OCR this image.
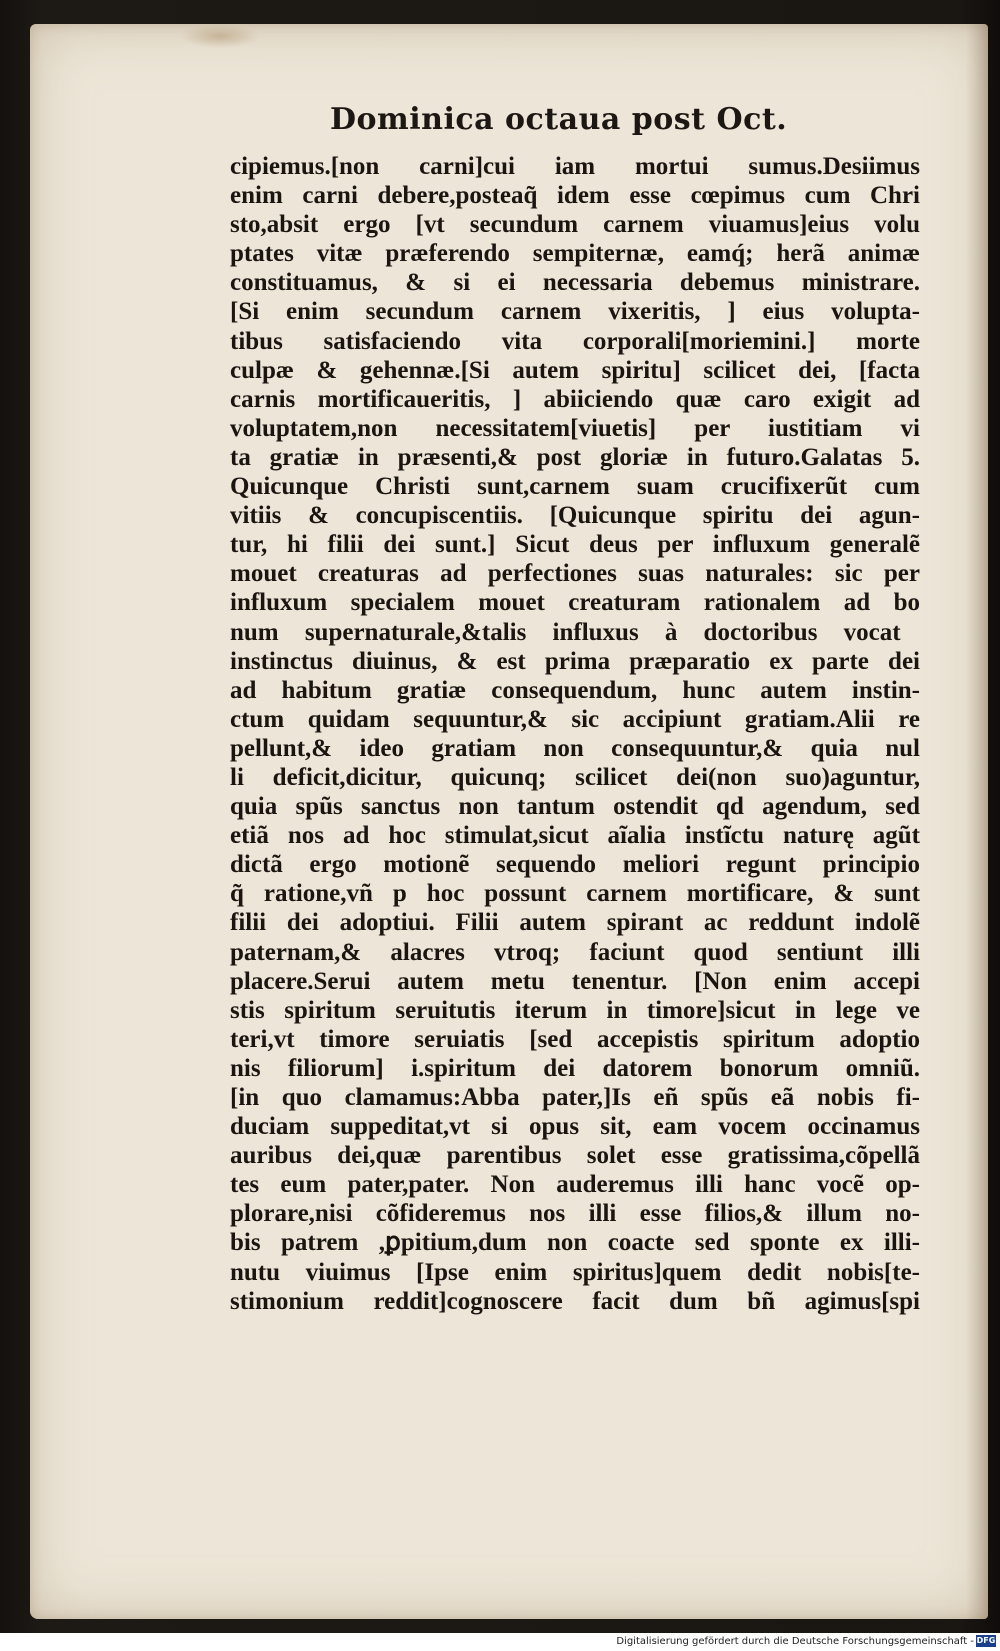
Dominica octaua post Oct.
cipiemus.[non carni]cui iam mortui sumus.Desiimus
enim carni debere,posteaq̃ idem esse cœpimus cum Chri
sto,absit ergo [vt secundum carnem viuamus]eius volu
ptates vitæ præferendo sempiternæ, eamq́; herã animæ
constituamus, & si ei necessaria debemus ministrare.
[Si enim secundum carnem vixeritis, ] eius volupta-
tibus satisfaciendo vita corporali[moriemini.] morte
culpæ & gehennæ.[Si autem spiritu] scilicet dei, [facta
carnis mortificaueritis, ] abiiciendo quæ caro exigit ad
voluptatem,non necessitatem[viuetis] per iustitiam vi
ta gratiæ in præsenti,& post gloriæ in futuro.Galatas 5.
Quicunque Christi sunt,carnem suam crucifixerũt cum
vitiis & concupiscentiis. [Quicunque spiritu dei agun-
tur, hi filii dei sunt.] Sicut deus per influxum generalẽ
mouet creaturas ad perfectiones suas naturales: sic per
influxum specialem mouet creaturam rationalem ad bo
num supernaturale,&talis influxus à doctoribus vocatᷓ
instinctus diuinus, & est prima præparatio ex parte dei
ad habitum gratiæ consequendum, hunc autem instin-
ctum quidam sequuntur,& sic accipiunt gratiam.Alii re
pellunt,& ideo gratiam non consequuntur,& quia nul
li deficit,dicitur, quicunq; scilicet dei(non suo)aguntur,
quia spũs sanctus non tantum ostendit qd agendum, sed
etiã nos ad hoc stimulat,sicut aĩalia instĩctu naturę agũt
dictã ergo motionẽ sequendo meliori regunt principio
q̃ ratione,vñ p hoc possunt carnem mortificare, & sunt
filii dei adoptiui. Filii autem spirant ac reddunt indolẽ
paternam,& alacres vtroq; faciunt quod sentiunt illi
placere.Serui autem metu tenentur. [Non enim accepi
stis spiritum seruitutis iterum in timore]sicut in lege ve
teri,vt timore seruiatis [sed accepistis spiritum adoptio
nis filiorum] i.spiritum dei datorem bonorum omniũ.
[in quo clamamus:Abba pater,]Is eñ spũs eã nobis fi-
duciam suppeditat,vt si opus sit, eam vocem occinamus
auribus dei,quæ parentibus solet esse gratissima,cõpellã
tes eum pater,pater. Non auderemus illi hanc vocẽ op-
plorare,nisi cõfideremus nos illi esse filios,& illum no-
bis patrem ,ꝑpitium,dum non coacte sed sponte ex illi-
nutu viuimus [Ipse enim spiritus]quem dedit nobis[te-
stimonium reddit]cognoscere facit dum bñ agimus[spi
Digitalisierung gefördert durch die Deutsche Forschungsgemeinschaft - DFG
